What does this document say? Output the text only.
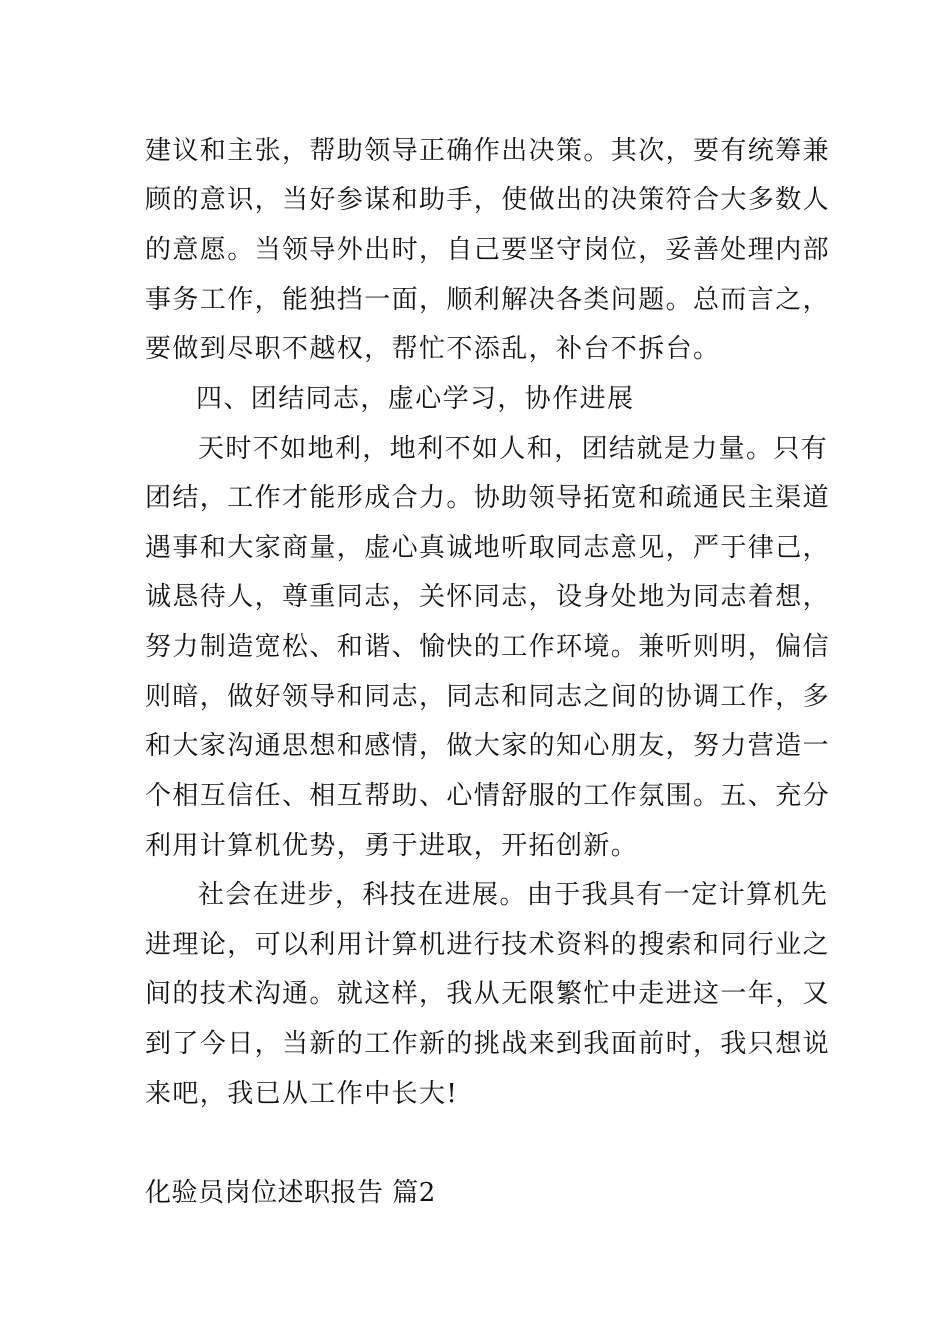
建议和主张，帮助领导正确作出决策。其次，要有统筹兼
顾的意识，当好参谋和助手，使做出的决策符合大多数人
的意愿。当领导外出时，自己要坚守岗位，妥善处理内部
事务工作，能独挡一面，顺利解决各类问题。总而言之，
要做到尽职不越权，帮忙不添乱，补台不拆台。
四、团结同志，虚心学习，协作进展
天时不如地利，地利不如人和，团结就是力量。只有
团结，工作才能形成合力。协助领导拓宽和疏通民主渠道
遇事和大家商量，虚心真诚地听取同志意见，严于律己，
诚恳待人，尊重同志，关怀同志，设身处地为同志着想，
努力制造宽松、和谐、愉快的工作环境。兼听则明，偏信
则暗，做好领导和同志，同志和同志之间的协调工作，多
和大家沟通思想和感情，做大家的知心朋友，努力营造一
个相互信任、相互帮助、心情舒服的工作氛围。五、充分
利用计算机优势，勇于进取，开拓创新。
社会在进步，科技在进展。由于我具有一定计算机先
进理论，可以利用计算机进行技术资料的搜索和同行业之
间的技术沟通。就这样，我从无限繁忙中走进这一年，又
到了今日，当新的工作新的挑战来到我面前时，我只想说
来吧，我已从工作中长大!
化验员岗位述职报告 篇2
